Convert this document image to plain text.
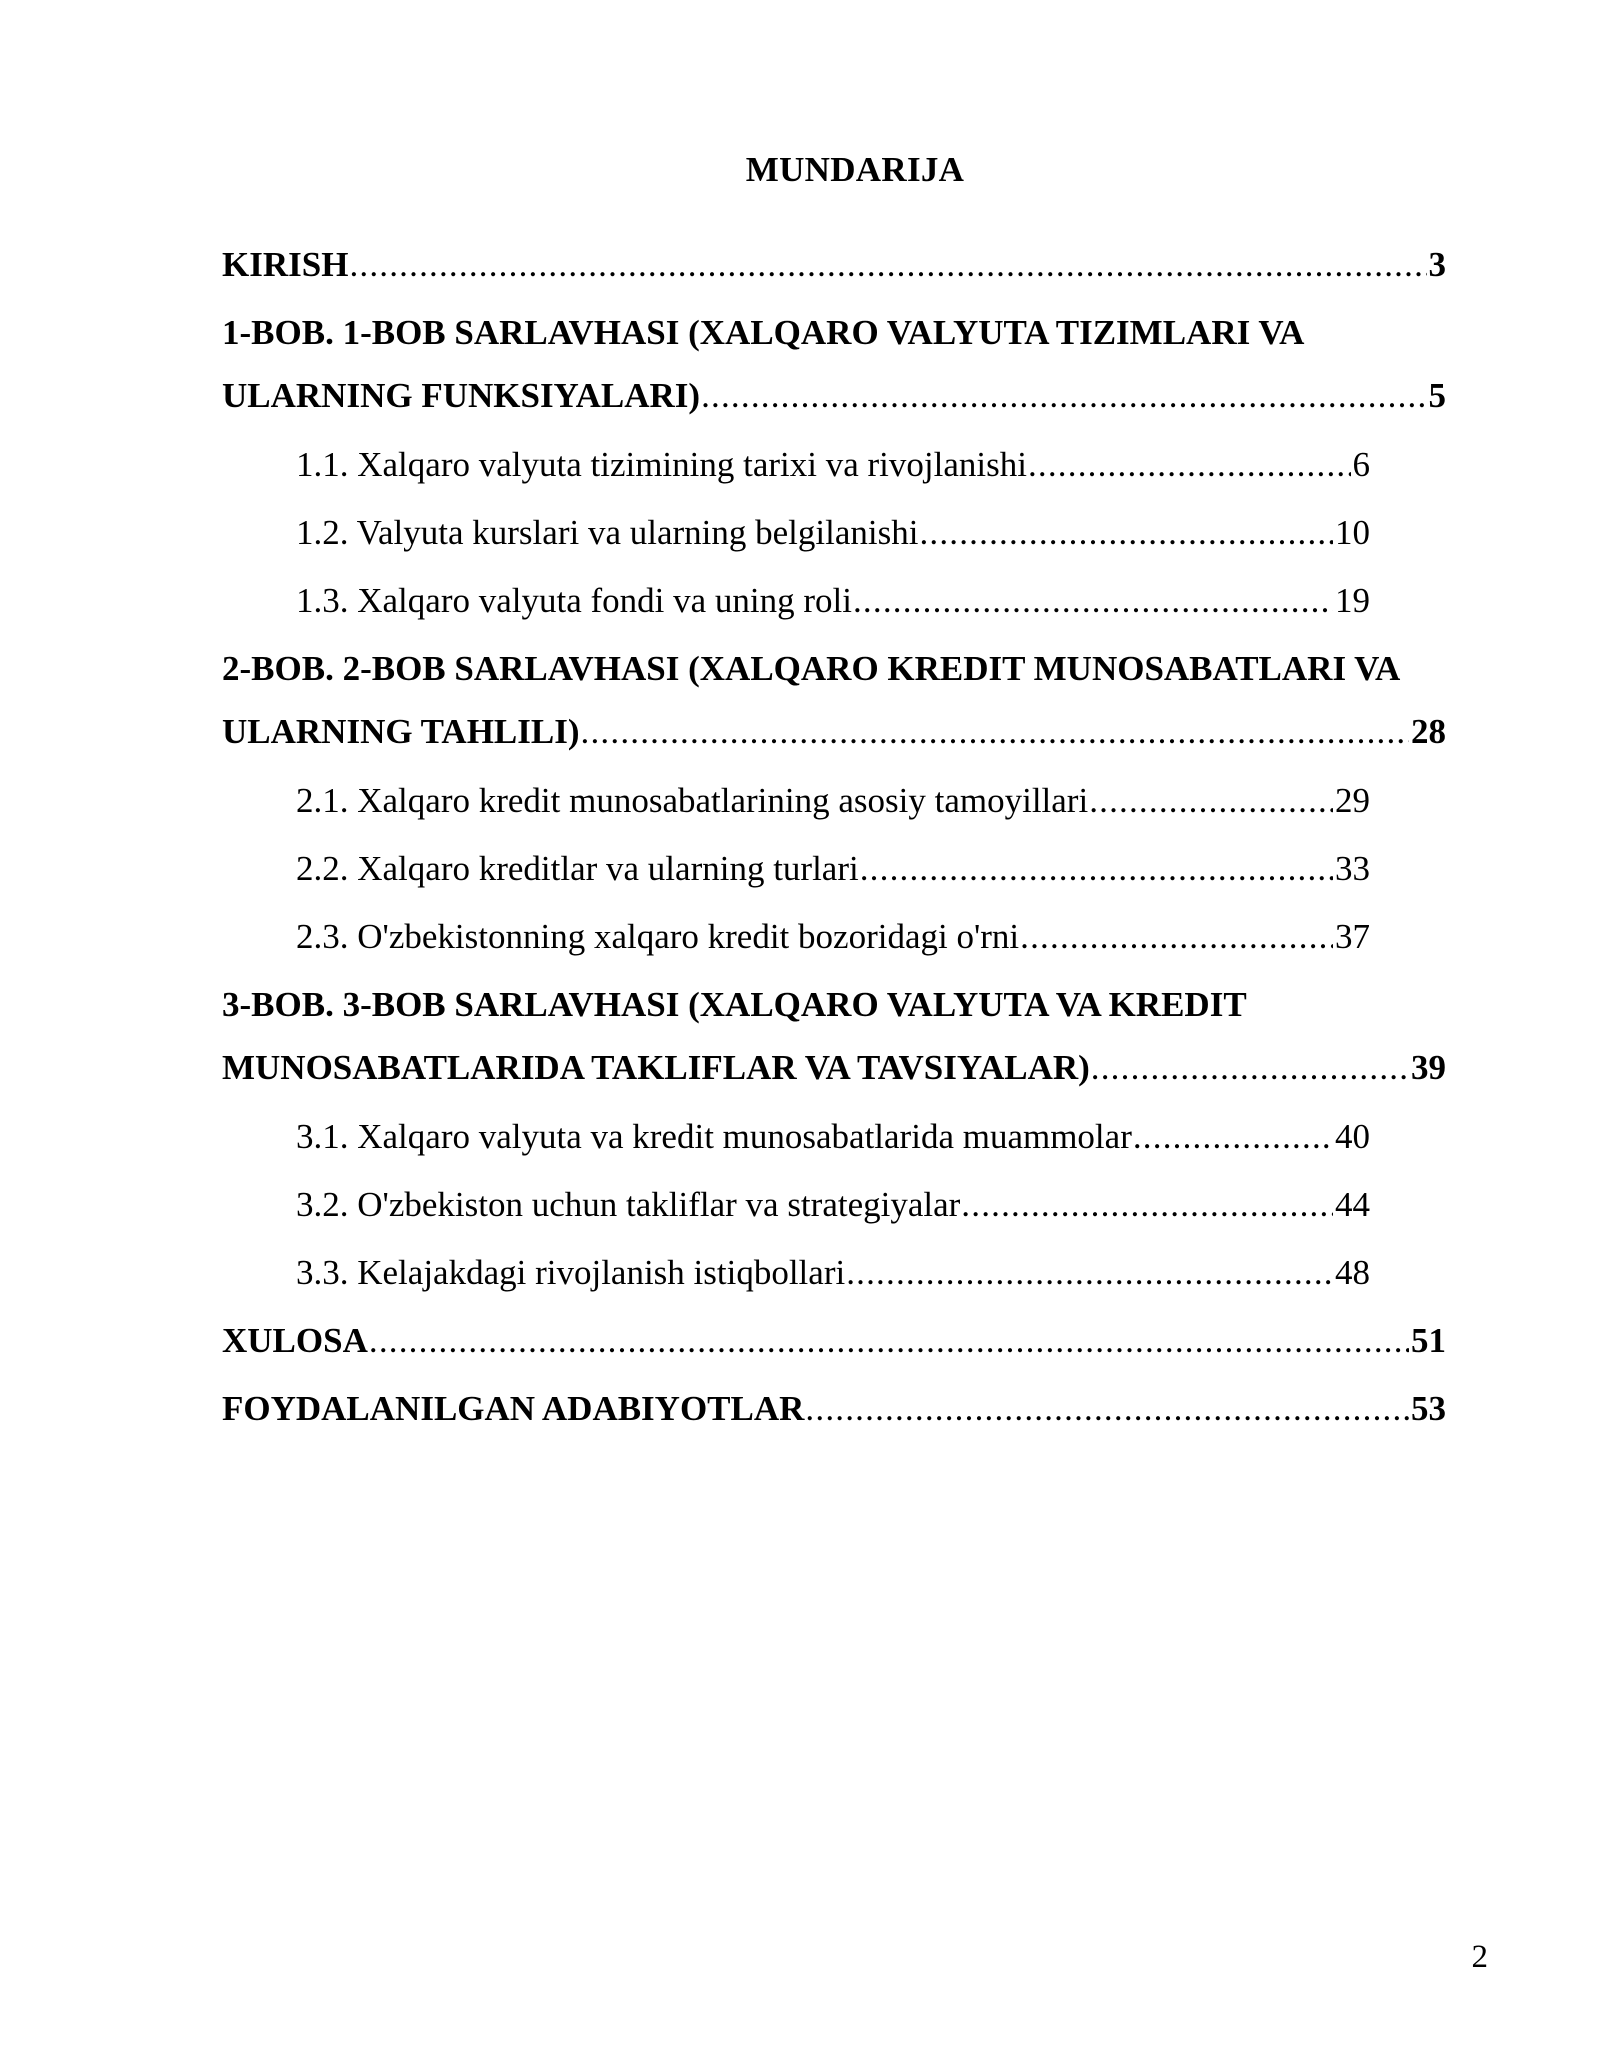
MUNDARIJA
KIRISH .....	3
1-BOB. 1-BOB SARLAVHASI (XALQARO VALYUTA TIZIMLARI VA
ULARNING FUNKSIYALARI) .....	5
1.1. Xalqaro valyuta tizimining tarixi va rivojlanishi .....	6
1.2. Valyuta kurslari va ularning belgilanishi .....	10
1.3. Xalqaro valyuta fondi va uning roli .....	19
2-BOB. 2-BOB SARLAVHASI (XALQARO KREDIT MUNOSABATLARI VA
ULARNING TAHLILI) .....	28
2.1. Xalqaro kredit munosabatlarining asosiy tamoyillari .....	29
2.2. Xalqaro kreditlar va ularning turlari .....	33
2.3. O'zbekistonning xalqaro kredit bozoridagi o'rni .....	37
3-BOB. 3-BOB SARLAVHASI (XALQARO VALYUTA VA KREDIT
MUNOSABATLARIDA TAKLIFLAR VA TAVSIYALAR) .....	39
3.1. Xalqaro valyuta va kredit munosabatlarida muammolar .....	40
3.2. O'zbekiston uchun takliflar va strategiyalar .....	44
3.3. Kelajakdagi rivojlanish istiqbollari .....	48
XULOSA .....	51
FOYDALANILGAN ADABIYOTLAR .....	53
2
